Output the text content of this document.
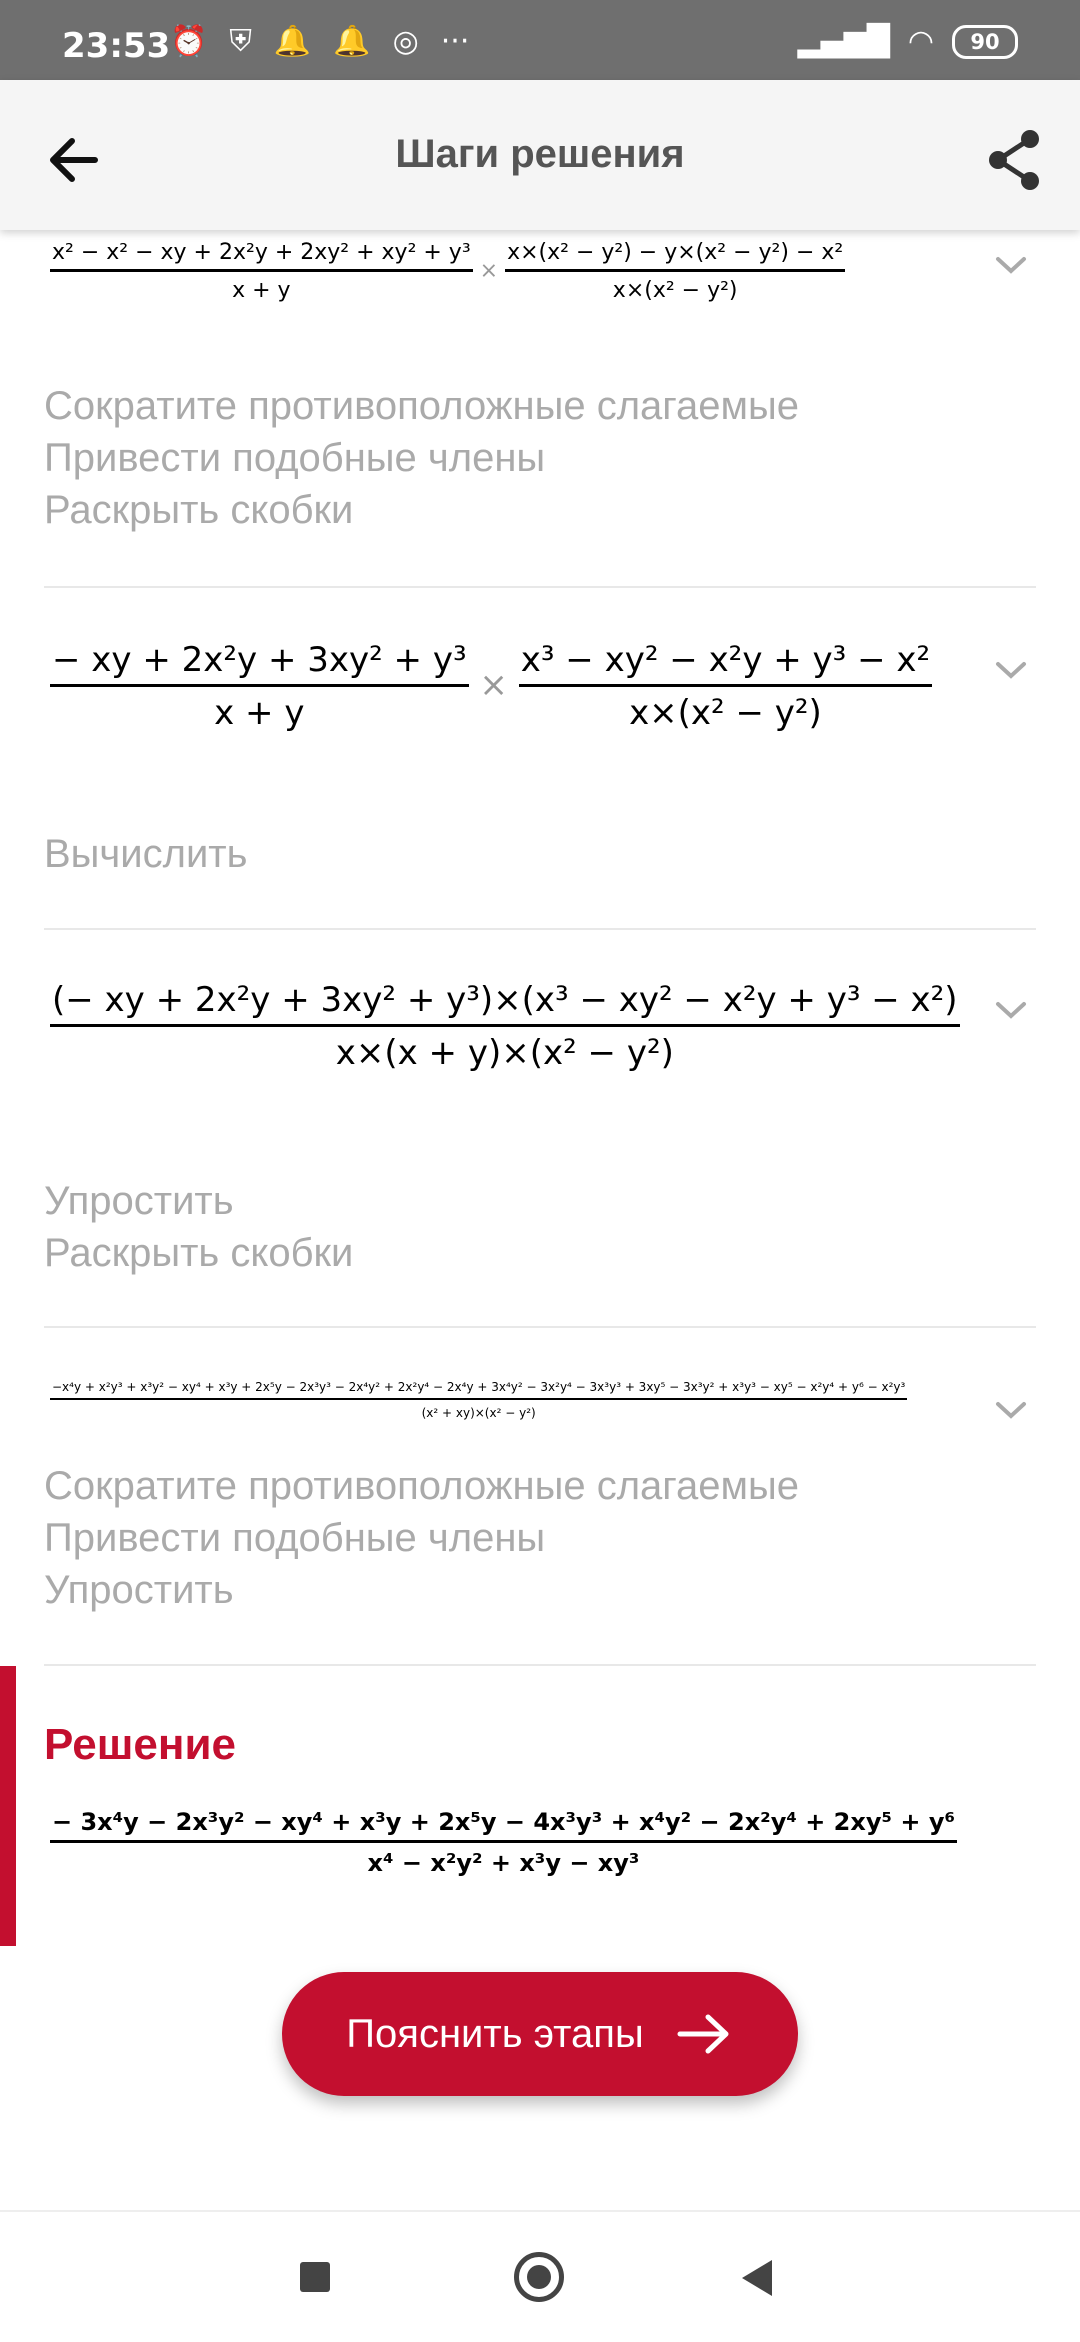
23:53 ⏰ ⛨ 🔔 🔔 ◎ ···	▂▄▆█ ◠	90
Шаги решения
$\frac{\text{x² − x² − xy + 2x²y + 2xy² + xy² + y³}}{x + y} \times \frac{\text{x×(x² − y²) − y×(x² − y²) − x²}}{\text{x×(x² − y²)}}$
Сократите противоположные слагаемые
Привести подобные члены
Раскрыть скобки
$\frac{\text{− xy + 2x²y + 3xy² + y³}}{x + y} \times \frac{\text{x³ − xy² − x²y + y³ − x²}}{\text{x×(x² − y²)}}$
Вычислить
$\frac{\text{(− xy + 2x²y + 3xy² + y³)×(x³ − xy² − x²y + y³ − x²)}}{\text{x×(x + y)×(x² − y²)}}$
Упростить
Раскрыть скобки
−x⁴y + x²y³ + x³y² − xy⁴ + x³y + 2x⁵y − 2x³y³ − 2x⁴y² + 2x²y⁴ − 2x⁴y + 3x⁴y² − 3x²y⁴ − 3x³y³ + 3xy⁵ − 3x³y² + x³y³ − xy⁵ − x²y⁴ + y⁶ − x²y³
(x² + xy)×(x² − y²)
Сократите противоположные слагаемые
Привести подобные члены
Упростить
Решение
− 3x⁴y − 2x³y² − xy⁴ + x³y + 2x⁵y − 4x³y³ + x⁴y² − 2x²y⁴ + 2xy⁵ + y⁶
x⁴ − x²y² + x³y − xy³
Пояснить этапы
